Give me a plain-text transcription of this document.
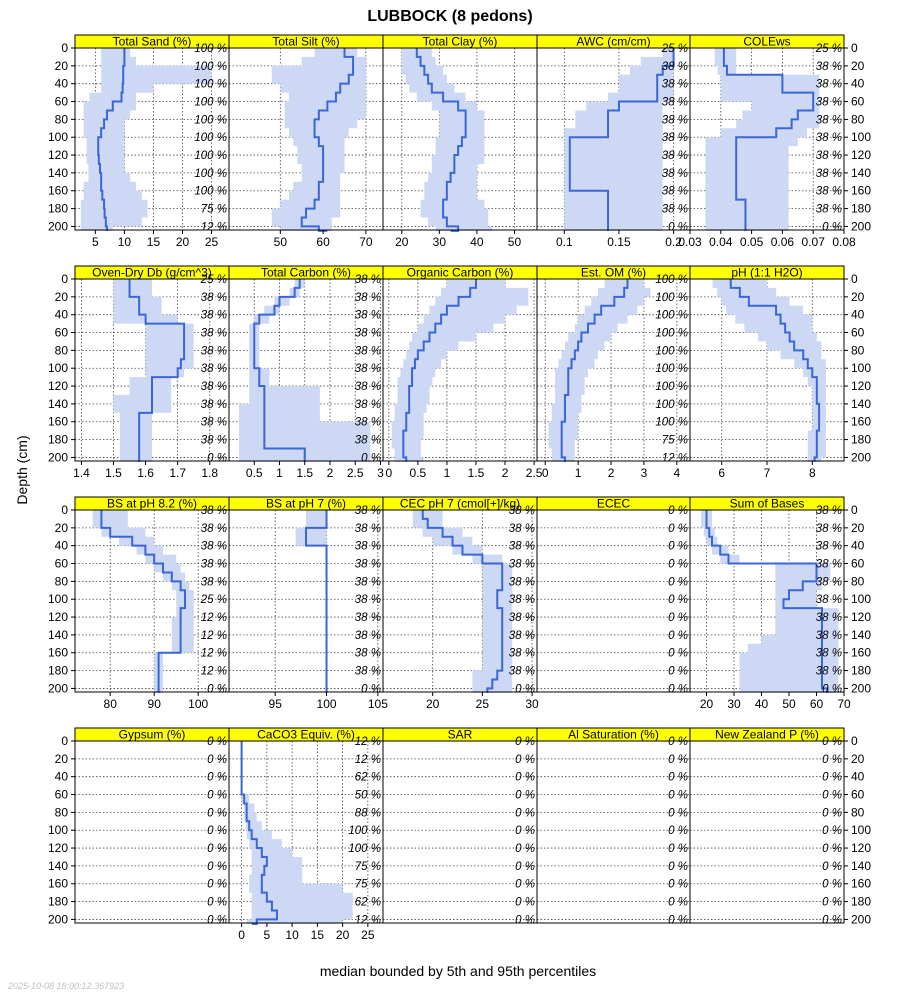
LUBBOCK (8 pedons)
Total Sand (%)
100 %
100 %
100 %
100 %
100 %
100 %
100 %
100 %
100 %
75 %
12 %
5 10 15 20 25
0
20
40
60
80
100
120
140
160
180
200
Total Silt (%)
50 60 70
Total Clay (%)
20 30 40 50
AWC (cm/cm)
25 %
38 %
38 %
38 %
38 %
38 %
38 %
38 %
38 %
38 %
0 %
0.1	0.15	0.2
COLEws
25 %
38 %
38 %
38 %
38 %
38 %
38 %
38 %
38 %
38 %
0 %
0.03 0.04 0.05 0.06 0.07 0.08
0
20
40
60
80
100
120
140
160
180
200
Oven-Dry Db (g/cm^3)
25 %
38 %
38 %
38 %
38 %
38 %
38 %
38 %
38 %
38 %
0 %
1.4 1.5 1.6 1.7 1.8
0
20
40
60
80
100
120
140
160
180
200
Total Carbon (%)
38 %
38 %
38 %
38 %
38 %
38 %
38 %
38 %
38 %
38 %
0 %
0.5 1 1.5 2 2.5 3
Organic Carbon (%)
0 0.5 1 1.5 2 2.5
Est. OM (%)
100 %
100 %
100 %
100 %
100 %
100 %
100 %
100 %
100 %
75 %
12 %
0 1 2 3 4
pH (1:1 H2O)
6	7	8
0
20
40
60
80
100
120
140
160
180
200
BS at pH 8.2 (%)
38 %
38 %
38 %
38 %
38 %
25 %
12 %
12 %
12 %
12 %
0 %
80	90 100
0
20
40
60
80
100
120
140
160
180
200
BS at pH 7 (%)
38 %
38 %
38 %
38 %
38 %
38 %
38 %
38 %
38 %
38 %
0 %
95	100	105
CEC pH 7 (cmol[+]/kg)
38 %
38 %
38 %
38 %
38 %
38 %
38 %
38 %
38 %
38 %
0 %
20	25	30
ECEC
0 %
0 %
0 %
0 %
0 %
0 %
0 %
0 %
0 %
0 %
0 %
Sum of Bases
38 %
38 %
38 %
38 %
38 %
38 %
38 %
38 %
38 %
38 %
0 %
20 30 40 50 60 70
0
20
40
60
80
100
120
140
160
180
200
Gypsum (%)
0 %
0 %
0 %
0 %
0 %
0 %
0 %
0 %
0 %
0 %
0 %
0
20
40
60
80
100
120
140
160
180
200
CaCO3 Equiv. (%)
12 %
12 %
62 %
50 %
88 %
100 %
100 %
75 %
75 %
62 %
12 %
0 5 10 15 20 25
SAR
0 %
0 %
0 %
0 %
0 %
0 %
0 %
0 %
0 %
0 %
0 %
Al Saturation (%)
0 %
0 %
0 %
0 %
0 %
0 %
0 %
0 %
0 %
0 %
0 %
New Zealand P (%)
0 %
0 %
0 %
0 %
0 %
0 %
0 %
0 %
0 %
0 %
0 %
0
20
40
60
80
100
120
140
160
180
200
Depth (cm)
median bounded by 5th and 95th percentiles
2025-10-08 18:00:12.367923
